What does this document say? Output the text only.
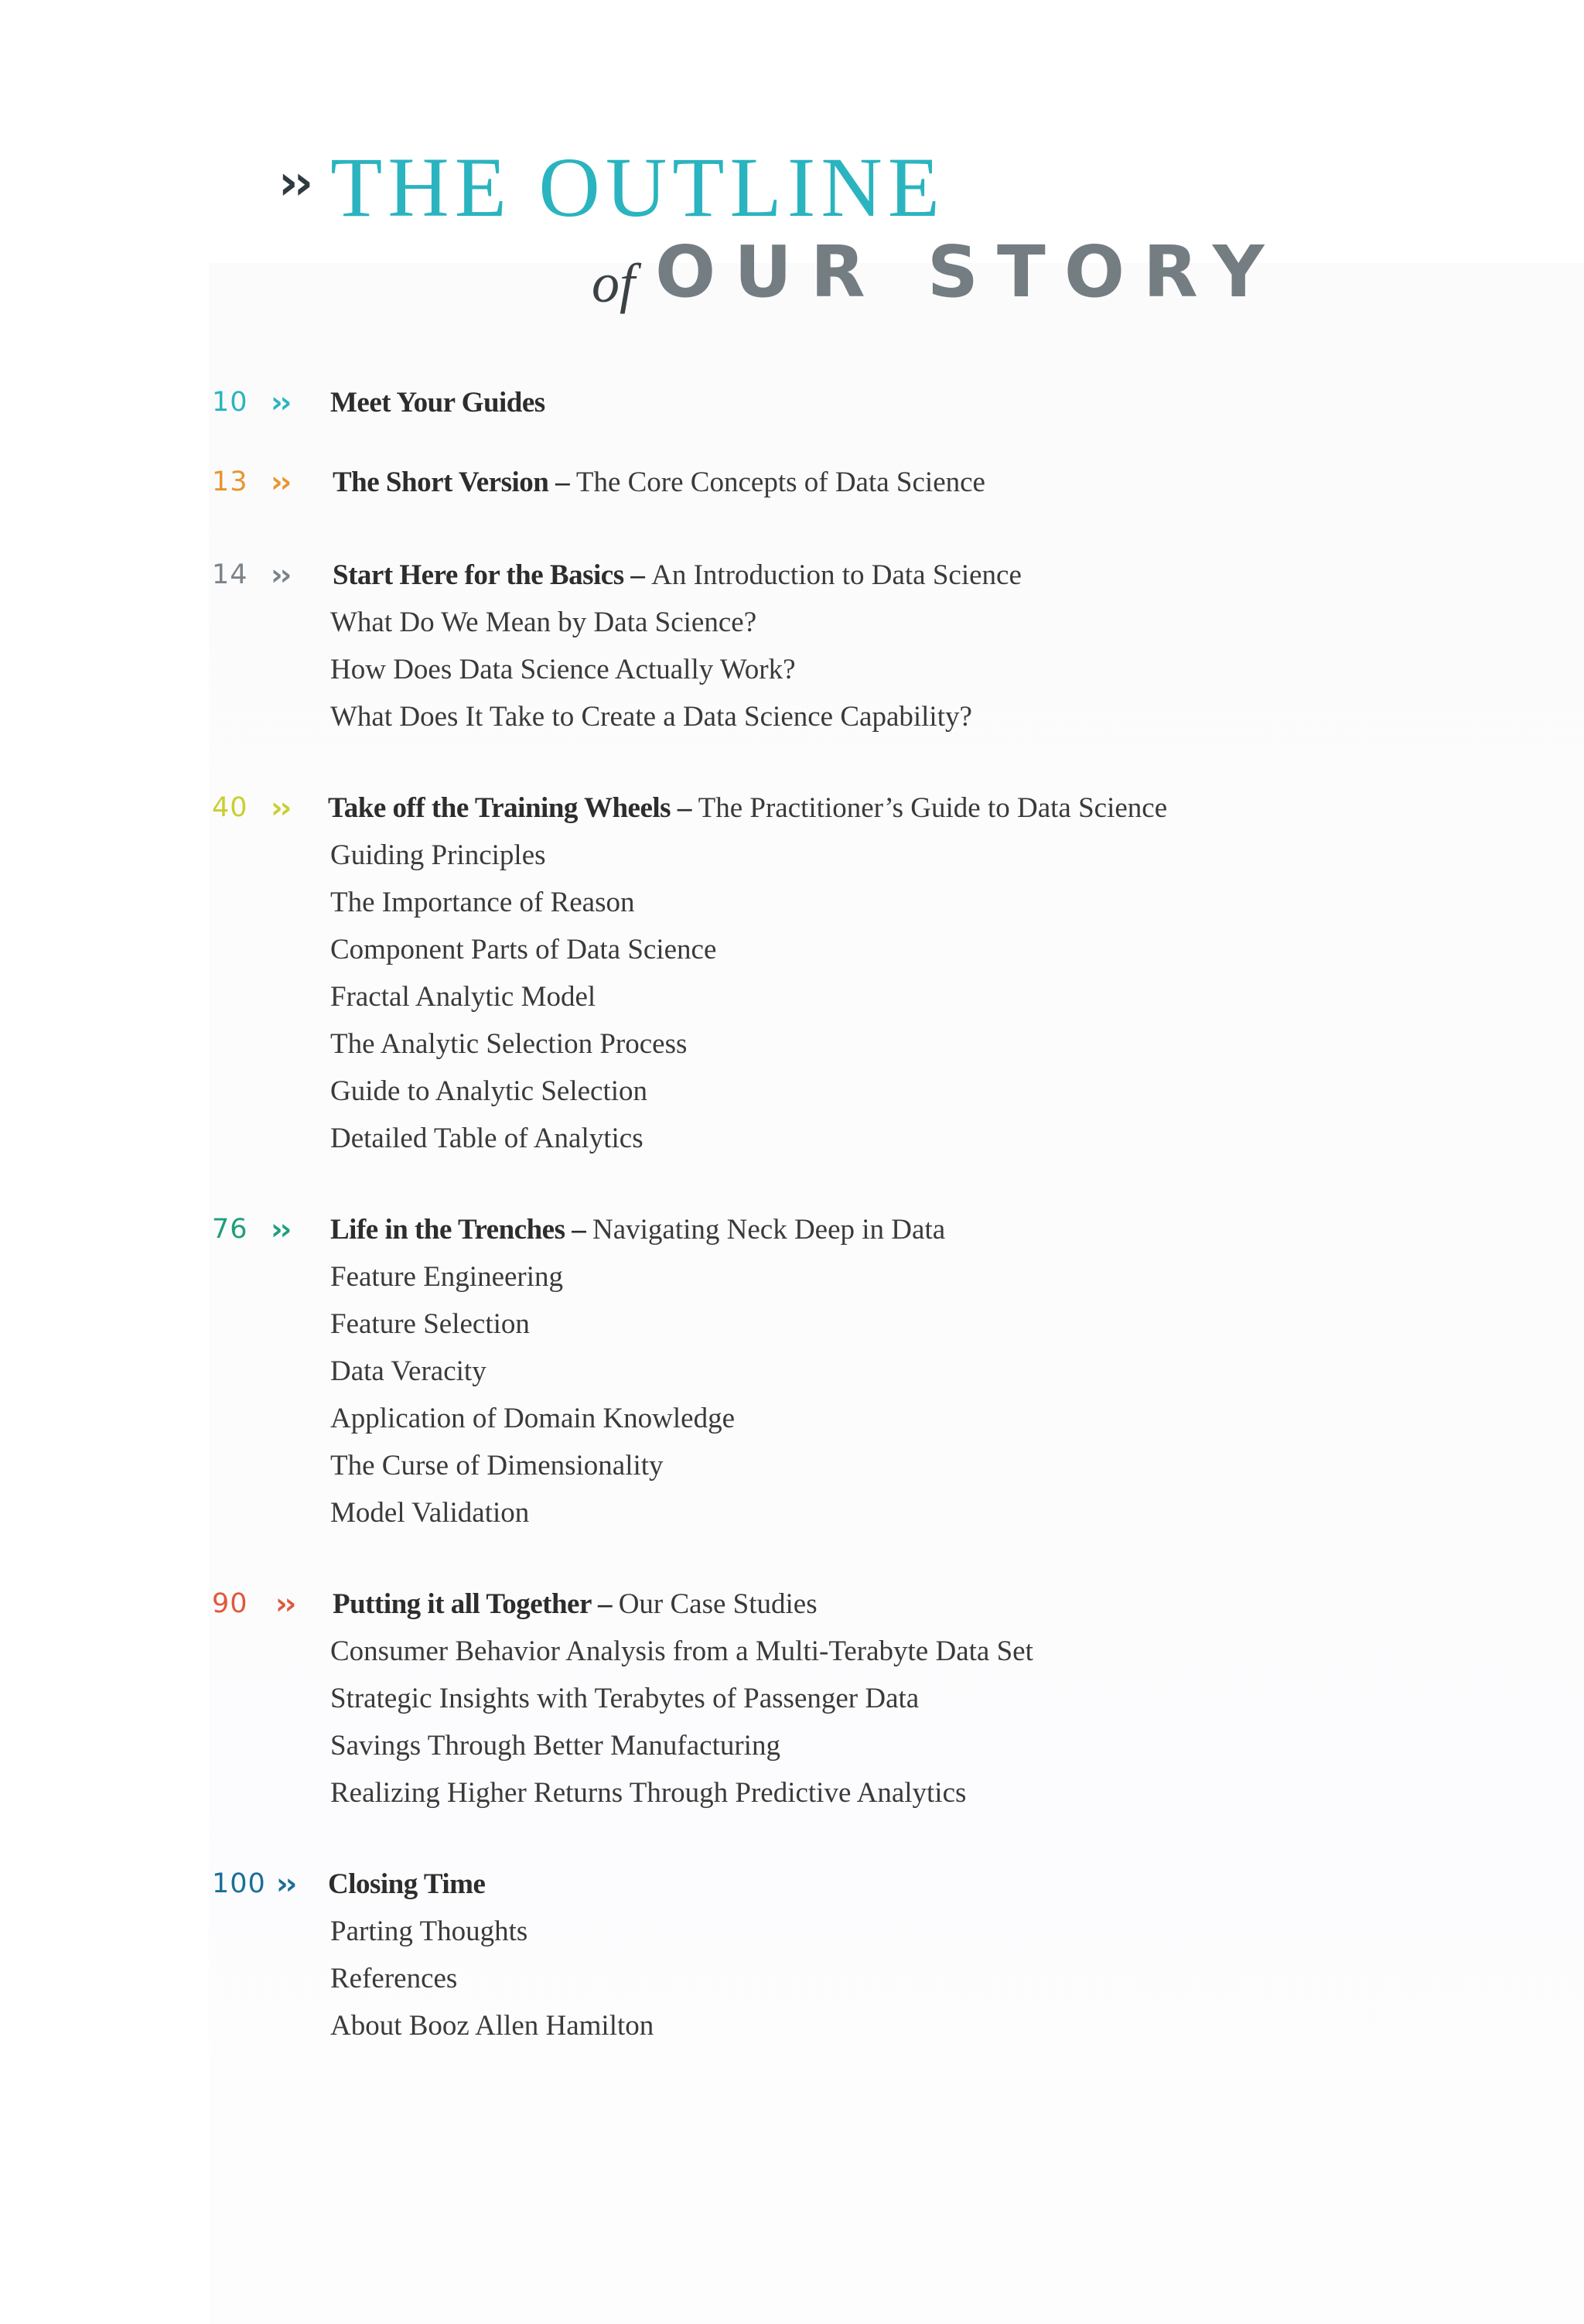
›› THE OUTLINE
of OUR STORY
10 ›› Meet Your Guides
13 ›› The Short Version – The Core Concepts of Data Science
14 ›› Start Here for the Basics – An Introduction to Data Science
What Do We Mean by Data Science?
How Does Data Science Actually Work?
What Does It Take to Create a Data Science Capability?
40 ›› Take off the Training Wheels – The Practitioner’s Guide to Data Science
Guiding Principles
The Importance of Reason
Component Parts of Data Science
Fractal Analytic Model
The Analytic Selection Process
Guide to Analytic Selection
Detailed Table of Analytics
76 ›› Life in the Trenches – Navigating Neck Deep in Data
Feature Engineering
Feature Selection
Data Veracity
Application of Domain Knowledge
The Curse of Dimensionality
Model Validation
90 ›› Putting it all Together – Our Case Studies
Consumer Behavior Analysis from a Multi-Terabyte Data Set
Strategic Insights with Terabytes of Passenger Data
Savings Through Better Manufacturing
Realizing Higher Returns Through Predictive Analytics
100 ›› Closing Time
Parting Thoughts
References
About Booz Allen Hamilton
